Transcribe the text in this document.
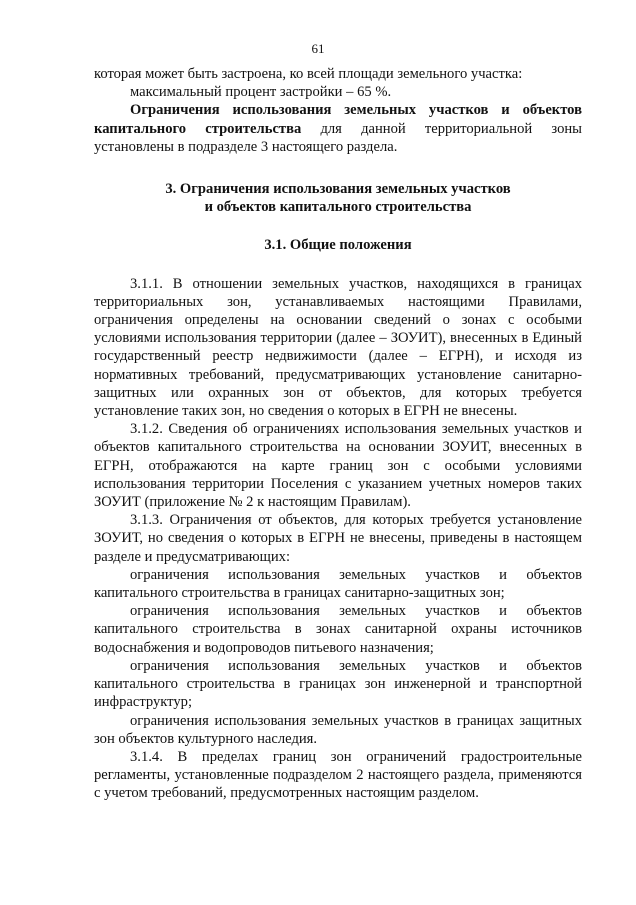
61

которая может быть застроена, ко всей площади земельного участка:

максимальный процент застройки – 65 %.

Ограничения использования земельных участков и объектов капитального строительства для данной территориальной зоны установлены в подразделе 3 настоящего раздела.

3. Ограничения использования земельных участков
и объектов капитального строительства
3.1. Общие положения

3.1.1. В отношении земельных участков, находящихся в границах территориальных зон, устанавливаемых настоящими Правилами, ограничения определены на основании сведений о зонах с особыми условиями использования территории (далее – ЗОУИТ), внесенных в Единый государственный реестр недвижимости (далее – ЕГРН), и исходя из нормативных требований, предусматривающих установление санитарно-защитных или охранных зон от объектов, для которых требуется установление таких зон, но сведения о которых в ЕГРН не внесены.

3.1.2. Сведения об ограничениях использования земельных участков и объектов капитального строительства на основании ЗОУИТ, внесенных в ЕГРН, отображаются на карте границ зон с особыми условиями использования территории Поселения с указанием учетных номеров таких ЗОУИТ (приложение № 2 к настоящим Правилам).

3.1.3. Ограничения от объектов, для которых требуется установление ЗОУИТ, но сведения о которых в ЕГРН не внесены, приведены в настоящем разделе и предусматривающих:

ограничения использования земельных участков и объектов капитального строительства в границах санитарно-защитных зон;

ограничения использования земельных участков и объектов капитального строительства в зонах санитарной охраны источников водоснабжения и водопроводов питьевого назначения;

ограничения использования земельных участков и объектов капитального строительства в границах зон инженерной и транспортной инфраструктур;

ограничения использования земельных участков в границах защитных зон объектов культурного наследия.

3.1.4. В пределах границ зон ограничений градостроительные регламенты, установленные подразделом 2 настоящего раздела, применяются с учетом требований, предусмотренных настоящим разделом.
